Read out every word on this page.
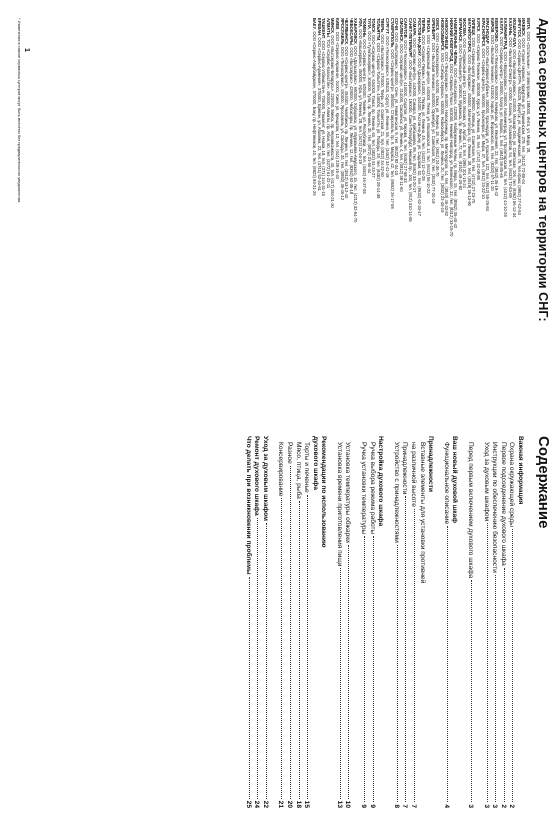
Адреса сервисных центров на территории СНГ:

ВИТА, ООО «Остальные», 19 электроник, 188000, Инта, ул. Мира, 28,

ИЖЕВСК, ООО «Гарант-сервис», Удмуртия, ул. Пушкинская, 278, тел. (3412) 72-85-04

ИРКУТСК, ООО «Сервис-ЦЕНТР», 664025, Иркутск, ул. Академическая, 70, тел./факс (3952) 27-02-53

ИОШКАР-ОЛА, ООО «Бытовой сервис», 424000, Йошкар-Ола, ул. Советская, 106, тел. (8362) 56-12-34

КАЗАНЬ, ООО «Бытовой-Спектр», 420000, Казань, ул. Космонавтов, 54, тел. (8432) 72-53-09

КАЛИНИНГРАД, ООО «Евросервис», 236000, Калининград, ул. Пролетарская, 54, тел. (4012) 44-10-28

КАЛУГА, ООО «Сервис-центр», 248000, Калуга, ул. Кирова, 1, тел. (4842) 56-85-66

КЕМЕРОВО, ООО «Техносервис», 650000, Кемерово, ул. Весенняя, 22, тел. (3842) 36-19-42

КИРОВ, ООО «Бытовая техника», 610000, Киров, ул. Воровского, 66, тел. (8332) 67-11-20

КРАСНОДАР, ООО «Бытсервис-Кубань», 350000, Краснодар, ул. Красная, 122, тел. (8612) 55-26-84

КРАСНОЯРСК, ООО «Сервис-Центр», 660000, Красноярск, ул. Мира, 37, тел. (3912) 23-32-10

КУРСК, ООО «Сервис-Техника», 305000, Курск, ул. Ленина, 25, тел. (4712) 22-08-85

ЛИПЕЦК, ООО «Сервис-центр Липецк», 398000, Липецк, ул. Советская, 66, тел. (4742) 27-23-70

МАГНИТОГОРСК, ООО «Бытсервис», 455000, Магнитогорск, пр. Ленина, 38, тел. (3519) 35-13-90

МОСКВА, ООО «Сервисный центр», 121000, Москва, ул. Арбат, 10, тел. (095) 201-15-24

МУРМАНСК, ООО «Техноцентр», 183000, Мурманск, пр. Ленина, 72, тел. (8152) 45-26-92

НАБЕРЕЖНЫЕ ЧЕЛНЫ, ООО «Бытсервис», 423800, Набережные Челны, пр. Мира, 15, тел. (8552) 35-40-42

НИЖНИЙ НОВГОРОД, ООО «Сервис-Плюс», 603000, Нижний Новгород, ул. Белинского, 32, тел. (8312) 33-15-70

НОВОКУЗНЕЦК, ООО «Техносервис», 654000, Новокузнецк, пр. Металлургов, 14, тел. (3843) 46-33-82

НОВОСИБИРСК, ООО «Сибирь-Сервис», 630000, Новосибирск, ул. Ленина, 20, тел. (3832) 22-45-19

ОМСК, ООО «Омсктехсервис», 644000, Омск, ул. Ленина, 18, тел. (3812) 24-36-70

ОРЕНБУРГ, ООО «Бытовая техника», 460000, Оренбург, ул. Советская, 30, тел. (3532) 77-20-19

ПЕНЗА, ООО «Сервисный центр», 440000, Пенза, ул. Московская, 14, тел. (8412) 56-10-22

ПЕРМЬ, ООО «Сервис-Пермь», 614000, Пермь, ул. Ленина, 45, тел. (3422) 12-43-29

РОСТОВ-НА-ДОНУ, ООО «Донсервис», 344000, Ростов-на-Дону, ул. Садовая, 52, тел. (8632) 62-33-47

САМАРА, ООО «Сервис-центр», 443000, Самара, ул. Куйбышева, 95, тел. (8462) 33-20-17

САНКТ-ПЕТЕРБУРГ, ООО «Бытсервис», 190000, Санкт-Петербург, Невский пр., 100, тел. (812) 310-14-55

САРАТОВ, ООО «Техносервис», 410000, Саратов, ул. Кирова, 6, тел. (8452) 27-58-33

СМОЛЕНСК, ООО «Сервис-центр», 214000, Смоленск, ул. Ленина, 4, тел. (0812) 38-11-60

СОЧИ, ООО «Бытсервис», 354000, Сочи, ул. Навагинская, 9, тел. (8622) 92-34-15

СТАВРОПОЛЬ, ООО «Сервис-центр», 355000, Ставрополь, пр. К. Маркса, 42, тел. (8652) 26-17-08

СУРГУТ, ООО «Техносервис», 628400, Сургут, ул. Ленина, 55, тел. (3462) 32-41-19

ТВЕРЬ, ООО «Бытсервис», 170000, Тверь, ул. Советская, 21, тел. (0822) 34-22-50

ТОЛЬЯТТИ, ООО «Сервис-Тольятти», 445000, Тольятти, ул. Победы, 28, тел. (8482) 28-14-38

ТОМСК, ООО «Сервис-центр», 634000, Томск, пр. Ленина, 60, тел. (3822) 51-23-27

ТУЛА, ООО «Тулатехсервис», 300000, Тула, пр. Ленина, 30, тел. (0872) 31-50-44

ТЮМЕНЬ, ООО «Сервис-центр», 625000, Тюмень, ул. Республики, 31, тел. (3452) 46-37-55

УФА, ООО «Башсервис», 450000, Уфа, ул. Ленина, 28, тел. (3472) 22-46-19

ХАБАРОВСК, ООО «Дальсервис», 680000, Хабаровск, ул. Муравьёва-Амурского, 15, тел. (4212) 32-54-70

ЧЕБОКСАРЫ, ООО «Бытсервис», 428000, Чебоксары, пр. Ленина, 12, тел. (8352) 62-35-18

ЧЕЛЯБИНСК, ООО «Сервис-центр», 454000, Челябинск, пр. Ленина, 52, тел. (3512) 63-12-40

ЯРОСЛАВЛЬ, ООО «Техносервис», 150000, Ярославль, ул. Свободы, 20, тел. (0852) 30-46-12

КИЕВ, ООО «Сервис-Украина», 01001, Киев, ул. Крещатик, 12, тел. (044) 228-15-40

МИНСК, ООО «Бытсервис-Беларусь», 220000, Минск, пр. Независимости, 40, тел. (017) 284-21-30

АЛМАТЫ, ТОО «Сервис-Казахстан», 480000, Алматы, пр. Абая, 50, тел. (3272) 61-22-11

ТАШКЕНТ, ООО «Сервис-Узбекистан», 700000, Ташкент, ул. Навои, 18, тел. (371) 144-31-15

ЕРЕВАН, ООО «Сервис-Армения», 375000, Ереван, ул. Абовяна, 22, тел. (3741) 52-40-61

БАКУ, ООО «Сервис-Азербайджан», 370000, Баку, пр. Нефтяников, 40, тел. (8922) 93-31-26

* Изменения в списке сервисных центров могут быть внесены без предварительного уведомления. 1
Содержание
Важная информация
Охрана окружающей среды
2
Первое подсоединение духового шкафа
2
Инструкции по обеспечению безопасности
3
Уход за духовым шкафом
3
Перед первым включением духового шкафа
3
Ваш новый духовой шкаф
Функциональное описание
4
Принадлежности
Вставные элементы для установки противней
на различной высоте
7
Принадлежности
7
Устройство с принадлежностями
8
Настройка духового шкафа
Ручка выбора режима работы
9
Ручка установки температуры
9
Установка температуры обжарки
10
Установка времени приготовления пищи
13
Рекомендации по использованию
духового шкафа
Торты и печенье
15
Мясо, птица, рыба
18
Разное
20
Консервирование
21
Уход за духовым шкафом
22
Ремонт духового шкафа
24
Что делать при возникновении проблемы
25
